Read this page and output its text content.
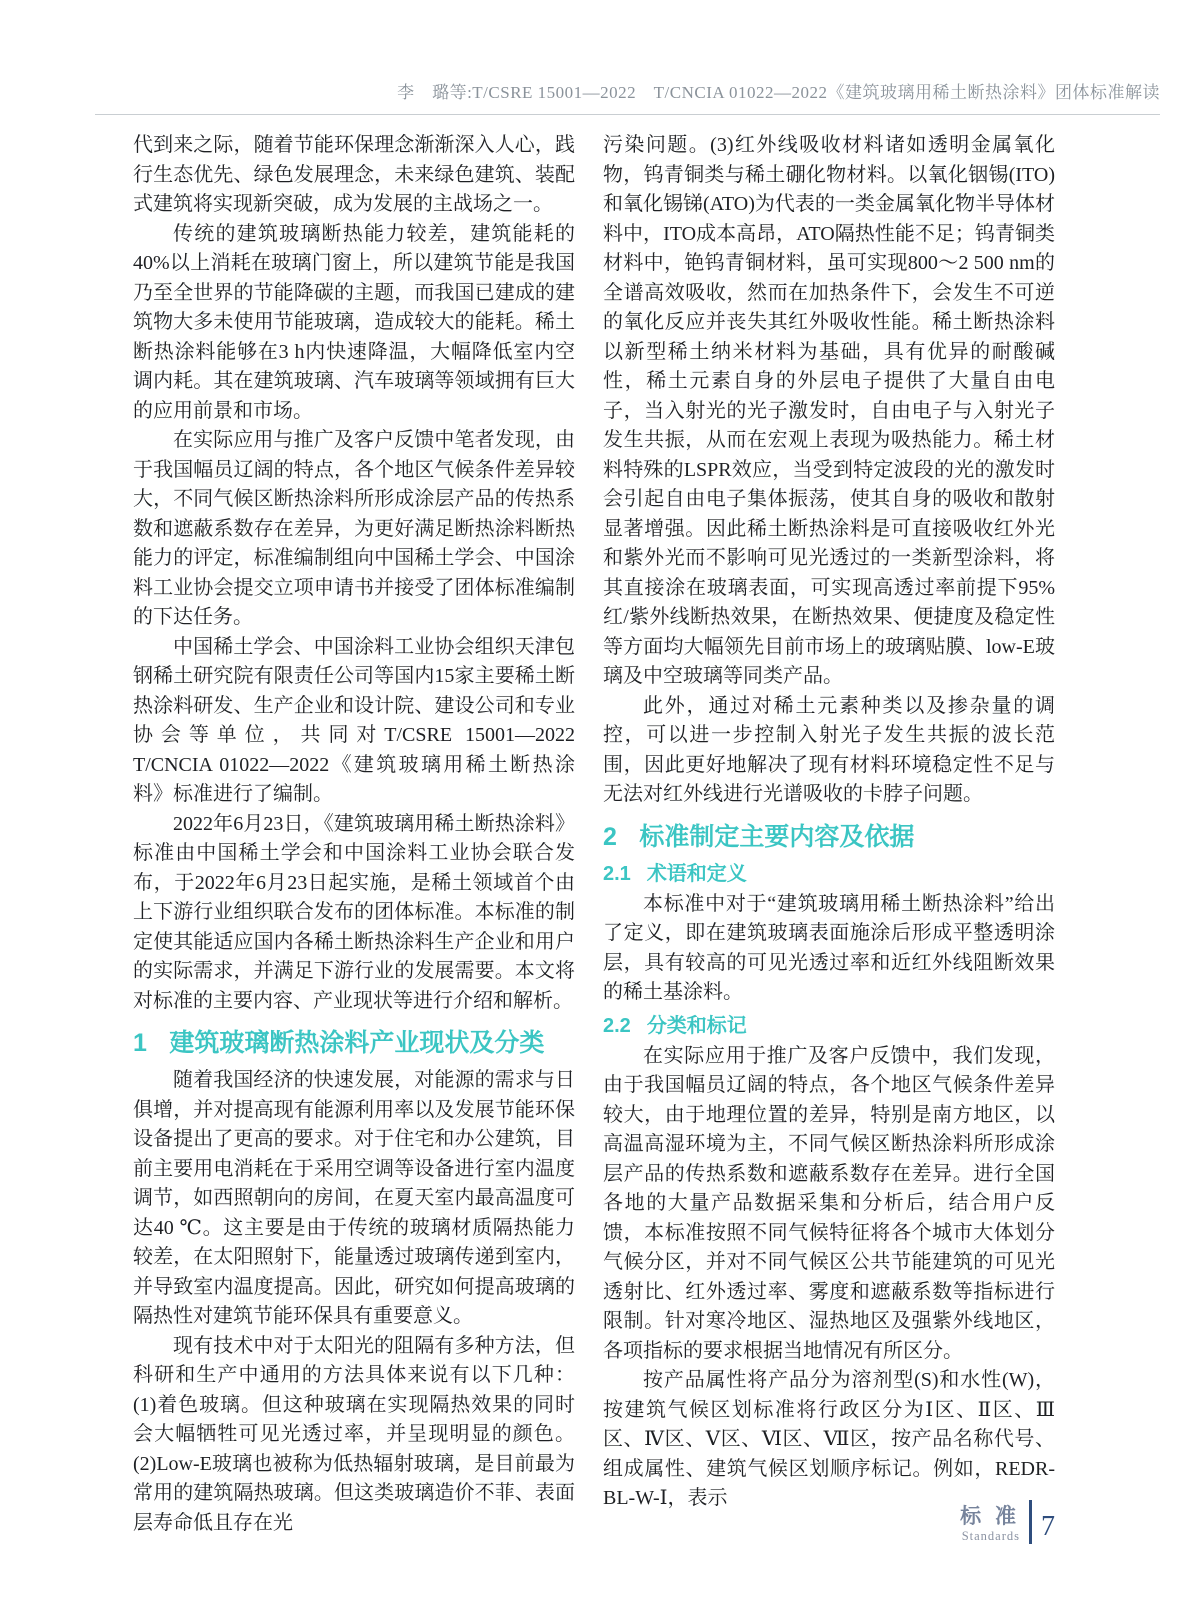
李　璐等:T/CSRE 15001—2022　T/CNCIA 01022—2022《建筑玻璃用稀土断热涂料》团体标准解读

代到来之际，随着节能环保理念渐渐深入人心，践行生态优先、绿色发展理念，未来绿色建筑、装配式建筑将实现新突破，成为发展的主战场之一。

传统的建筑玻璃断热能力较差，建筑能耗的40%以上消耗在玻璃门窗上，所以建筑节能是我国乃至全世界的节能降碳的主题，而我国已建成的建筑物大多未使用节能玻璃，造成较大的能耗。稀土断热涂料能够在3 h内快速降温，大幅降低室内空调内耗。其在建筑玻璃、汽车玻璃等领域拥有巨大的应用前景和市场。

在实际应用与推广及客户反馈中笔者发现，由于我国幅员辽阔的特点，各个地区气候条件差异较大，不同气候区断热涂料所形成涂层产品的传热系数和遮蔽系数存在差异，为更好满足断热涂料断热能力的评定，标准编制组向中国稀土学会、中国涂料工业协会提交立项申请书并接受了团体标准编制的下达任务。

中国稀土学会、中国涂料工业协会组织天津包钢稀土研究院有限责任公司等国内15家主要稀土断热涂料研发、生产企业和设计院、建设公司和专业协会等单位，共同对T/CSRE 15001—2022　T/CNCIA 01022—2022《建筑玻璃用稀土断热涂料》标准进行了编制。

2022年6月23日，《建筑玻璃用稀土断热涂料》标准由中国稀土学会和中国涂料工业协会联合发布，于2022年6月23日起实施，是稀土领域首个由上下游行业组织联合发布的团体标准。本标准的制定使其能适应国内各稀土断热涂料生产企业和用户的实际需求，并满足下游行业的发展需要。本文将对标准的主要内容、产业现状等进行介绍和解析。

1 建筑玻璃断热涂料产业现状及分类

随着我国经济的快速发展，对能源的需求与日俱增，并对提高现有能源利用率以及发展节能环保设备提出了更高的要求。对于住宅和办公建筑，目前主要用电消耗在于采用空调等设备进行室内温度调节，如西照朝向的房间，在夏天室内最高温度可达40 ℃。这主要是由于传统的玻璃材质隔热能力较差，在太阳照射下，能量透过玻璃传递到室内，并导致室内温度提高。因此，研究如何提高玻璃的隔热性对建筑节能环保具有重要意义。

现有技术中对于太阳光的阻隔有多种方法，但科研和生产中通用的方法具体来说有以下几种：(1)着色玻璃。但这种玻璃在实现隔热效果的同时会大幅牺牲可见光透过率，并呈现明显的颜色。(2)Low-E玻璃也被称为低热辐射玻璃，是目前最为常用的建筑隔热玻璃。但这类玻璃造价不菲、表面层寿命低且存在光

污染问题。(3)红外线吸收材料诸如透明金属氧化物，钨青铜类与稀土硼化物材料。以氧化铟锡(ITO)和氧化锡锑(ATO)为代表的一类金属氧化物半导体材料中，ITO成本高昂，ATO隔热性能不足；钨青铜类材料中，铯钨青铜材料，虽可实现800～2 500 nm的全谱高效吸收，然而在加热条件下，会发生不可逆的氧化反应并丧失其红外吸收性能。稀土断热涂料以新型稀土纳米材料为基础，具有优异的耐酸碱性，稀土元素自身的外层电子提供了大量自由电子，当入射光的光子激发时，自由电子与入射光子发生共振，从而在宏观上表现为吸热能力。稀土材料特殊的LSPR效应，当受到特定波段的光的激发时会引起自由电子集体振荡，使其自身的吸收和散射显著增强。因此稀土断热涂料是可直接吸收红外光和紫外光而不影响可见光透过的一类新型涂料，将其直接涂在玻璃表面，可实现高透过率前提下95%红/紫外线断热效果，在断热效果、便捷度及稳定性等方面均大幅领先目前市场上的玻璃贴膜、low-E玻璃及中空玻璃等同类产品。

此外，通过对稀土元素种类以及掺杂量的调控，可以进一步控制入射光子发生共振的波长范围，因此更好地解决了现有材料环境稳定性不足与无法对红外线进行光谱吸收的卡脖子问题。

2 标准制定主要内容及依据
2.1 术语和定义

本标准中对于“建筑玻璃用稀土断热涂料”给出了定义，即在建筑玻璃表面施涂后形成平整透明涂层，具有较高的可见光透过率和近红外线阻断效果的稀土基涂料。

2.2 分类和标记

在实际应用于推广及客户反馈中，我们发现，由于我国幅员辽阔的特点，各个地区气候条件差异较大，由于地理位置的差异，特别是南方地区，以高温高湿环境为主，不同气候区断热涂料所形成涂层产品的传热系数和遮蔽系数存在差异。进行全国各地的大量产品数据采集和分析后，结合用户反馈，本标准按照不同气候特征将各个城市大体划分气候分区，并对不同气候区公共节能建筑的可见光透射比、红外透过率、雾度和遮蔽系数等指标进行限制。针对寒冷地区、湿热地区及强紫外线地区，各项指标的要求根据当地情况有所区分。

按产品属性将产品分为溶剂型(S)和水性(W)，按建筑气候区划标准将行政区分为Ⅰ区、Ⅱ区、Ⅲ区、Ⅳ区、Ⅴ区、Ⅵ区、Ⅶ区，按产品名称代号、组成属性、建筑气候区划顺序标记。例如，REDR-BL-W-Ⅰ，表示

标 准
Standards 7
